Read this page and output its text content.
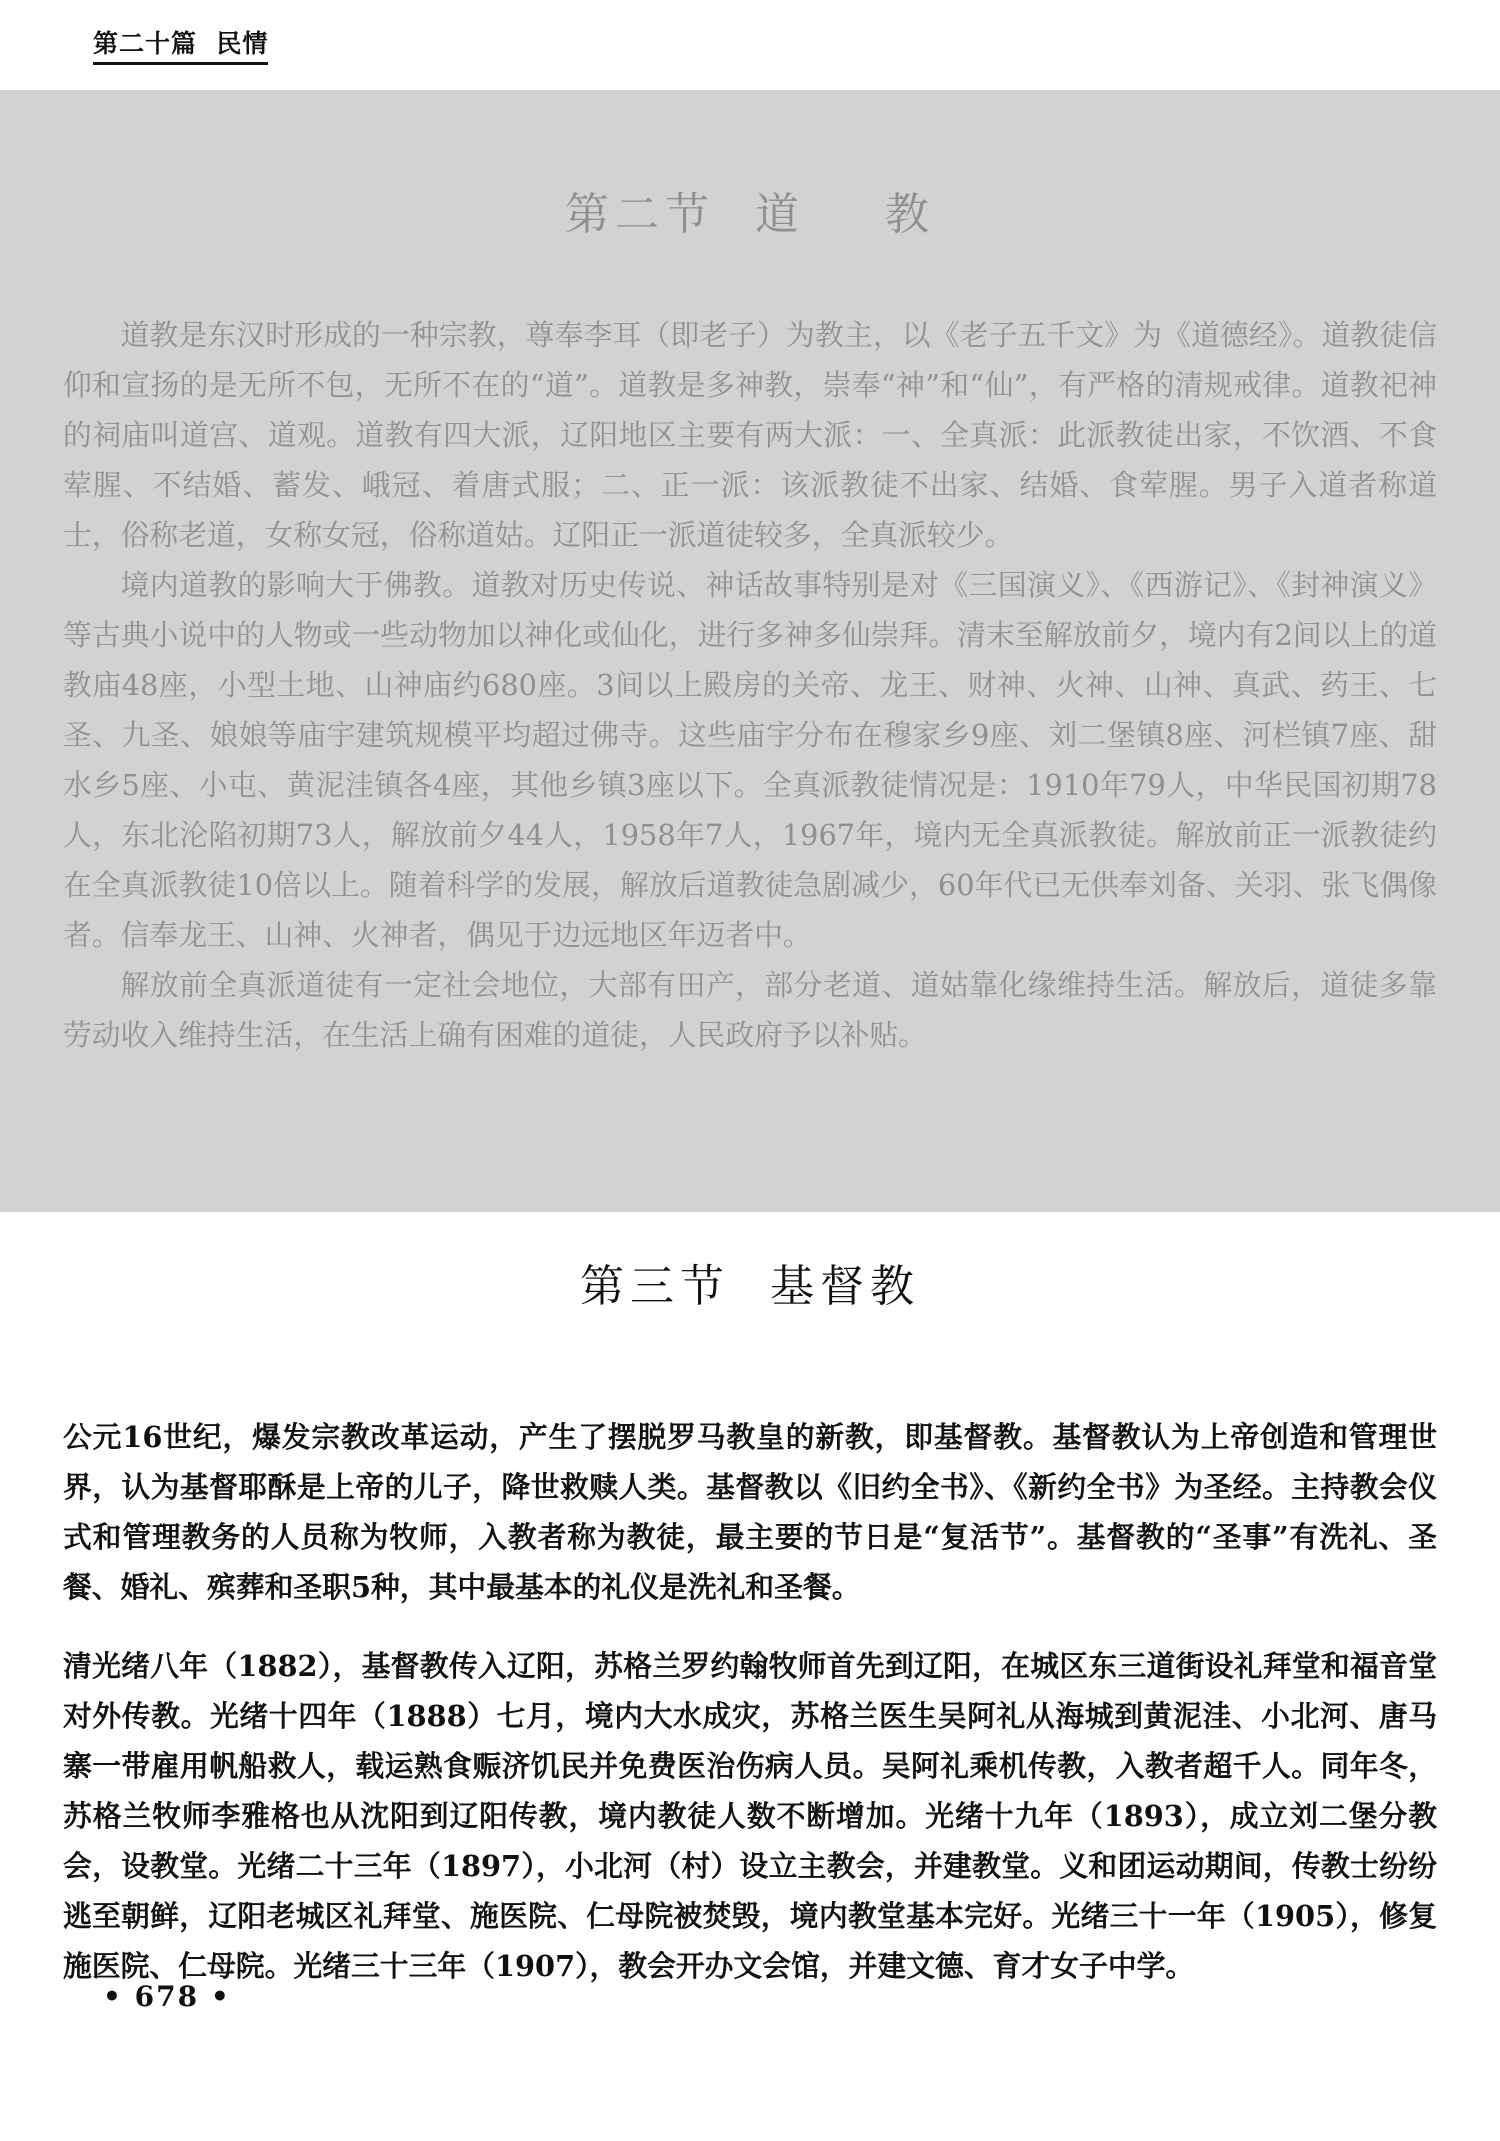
第二十篇  民情
第二节  道    教

道教是东汉时形成的一种宗教，尊奉李耳（即老子）为教主，以《老子五千文》为《道德经》。道教徒信仰和宣扬的是无所不包，无所不在的“道”。道教是多神教，崇奉“神”和“仙”，有严格的清规戒律。道教祀神的祠庙叫道宫、道观。道教有四大派，辽阳地区主要有两大派：一、全真派：此派教徒出家，不饮酒、不食荤腥、不结婚、蓄发、峨冠、着唐式服；二、正一派：该派教徒不出家、结婚、食荤腥。男子入道者称道士，俗称老道，女称女冠，俗称道姑。辽阳正一派道徒较多，全真派较少。

境内道教的影响大于佛教。道教对历史传说、神话故事特别是对《三国演义》、《西游记》、《封神演义》等古典小说中的人物或一些动物加以神化或仙化，进行多神多仙崇拜。清末至解放前夕，境内有2间以上的道教庙48座，小型土地、山神庙约680座。3间以上殿房的关帝、龙王、财神、火神、山神、真武、药王、七圣、九圣、娘娘等庙宇建筑规模平均超过佛寺。这些庙宇分布在穆家乡9座、刘二堡镇8座、河栏镇7座、甜水乡5座、小屯、黄泥洼镇各4座，其他乡镇3座以下。全真派教徒情况是：1910年79人，中华民国初期78人，东北沦陷初期73人，解放前夕44人，1958年7人，1967年，境内无全真派教徒。解放前正一派教徒约在全真派教徒10倍以上。随着科学的发展，解放后道教徒急剧减少，60年代已无供奉刘备、关羽、张飞偶像者。信奉龙王、山神、火神者，偶见于边远地区年迈者中。

解放前全真派道徒有一定社会地位，大部有田产，部分老道、道姑靠化缘维持生活。解放后，道徒多靠劳动收入维持生活，在生活上确有困难的道徒，人民政府予以补贴。

第三节  基督教

公元16世纪，爆发宗教改革运动，产生了摆脱罗马教皇的新教，即基督教。基督教认为上帝创造和管理世界，认为基督耶酥是上帝的儿子，降世救赎人类。基督教以《旧约全书》、《新约全书》为圣经。主持教会仪式和管理教务的人员称为牧师，入教者称为教徒，最主要的节日是“复活节”。基督教的“圣事”有洗礼、圣餐、婚礼、殡葬和圣职5种，其中最基本的礼仪是洗礼和圣餐。

清光绪八年（1882），基督教传入辽阳，苏格兰罗约翰牧师首先到辽阳，在城区东三道街设礼拜堂和福音堂对外传教。光绪十四年（1888）七月，境内大水成灾，苏格兰医生吴阿礼从海城到黄泥洼、小北河、唐马寨一带雇用帆船救人，载运熟食赈济饥民并免费医治伤病人员。吴阿礼乘机传教，入教者超千人。同年冬，苏格兰牧师李雅格也从沈阳到辽阳传教，境内教徒人数不断增加。光绪十九年（1893），成立刘二堡分教会，设教堂。光绪二十三年（1897），小北河（村）设立主教会，并建教堂。义和团运动期间，传教士纷纷逃至朝鲜，辽阳老城区礼拜堂、施医院、仁母院被焚毁，境内教堂基本完好。光绪三十一年（1905），修复施医院、仁母院。光绪三十三年（1907），教会开办文会馆，并建文德、育才女子中学。

• 678 •
